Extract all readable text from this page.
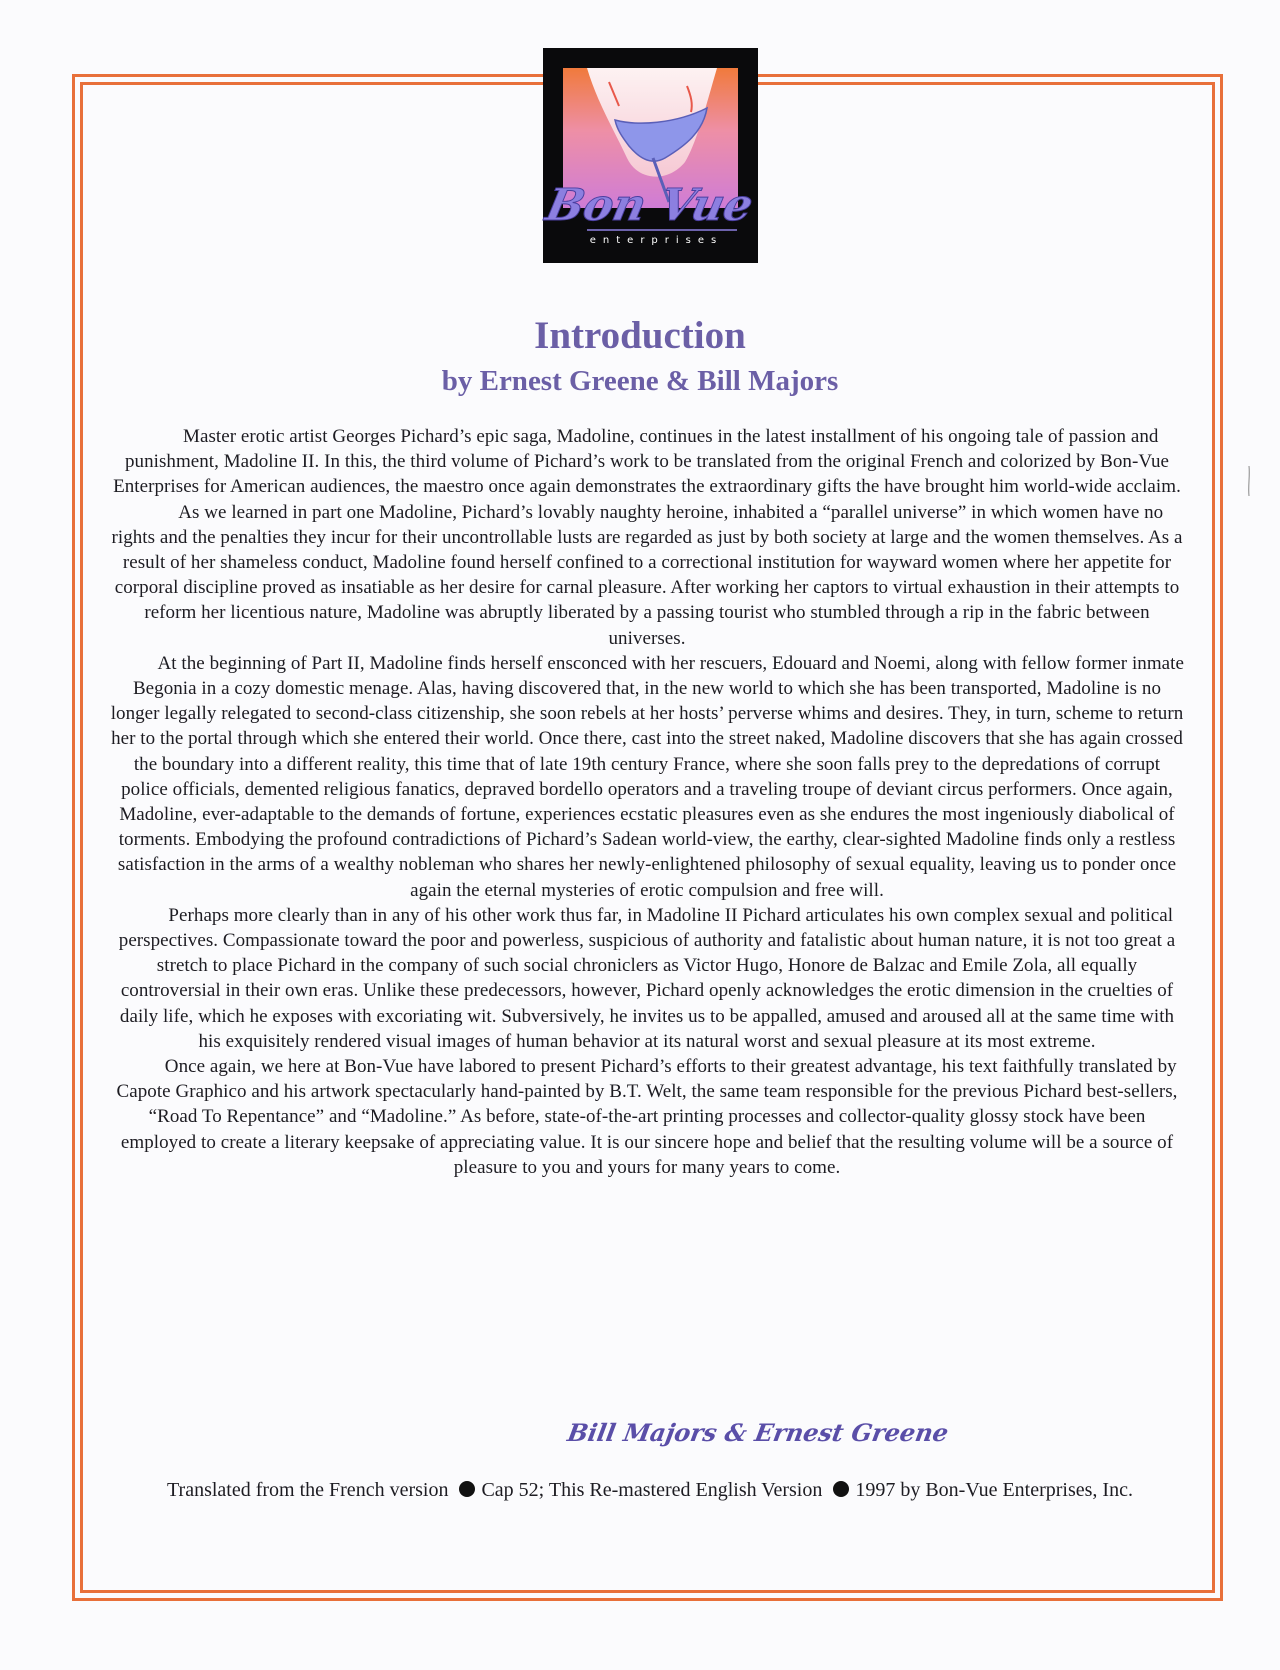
Bon Vue
enterprises
Introduction
by Ernest Greene & Bill Majors

Master erotic artist Georges Pichard’s epic saga, Madoline, continues in the latest installment of his ongoing tale of passion and punishment, Madoline II. In this, the third volume of Pichard’s work to be translated from the original French and colorized by Bon-Vue Enterprises for American audiences, the maestro once again demonstrates the extraordinary gifts the have brought him world-wide acclaim.

As we learned in part one Madoline, Pichard’s lovably naughty heroine, inhabited a “parallel universe” in which women have no rights and the penalties they incur for their uncontrollable lusts are regarded as just by both society at large and the women themselves. As a result of her shameless conduct, Madoline found herself confined to a correctional institution for wayward women where her appetite for corporal discipline proved as insatiable as her desire for carnal pleasure. After working her captors to virtual exhaustion in their attempts to reform her licentious nature, Madoline was abruptly liberated by a passing tourist who stumbled through a rip in the fabric between universes.

At the beginning of Part II, Madoline finds herself ensconced with her rescuers, Edouard and Noemi, along with fellow former inmate Begonia in a cozy domestic menage. Alas, having discovered that, in the new world to which she has been transported, Madoline is no longer legally relegated to second-class citizenship, she soon rebels at her hosts’ perverse whims and desires. They, in turn, scheme to return her to the portal through which she entered their world. Once there, cast into the street naked, Madoline discovers that she has again crossed the boundary into a different reality, this time that of late 19th century France, where she soon falls prey to the depredations of corrupt police officials, demented religious fanatics, depraved bordello operators and a traveling troupe of deviant circus performers. Once again, Madoline, ever-adaptable to the demands of fortune, experiences ecstatic pleasures even as she endures the most ingeniously diabolical of torments. Embodying the profound contradictions of Pichard’s Sadean world-view, the earthy, clear-sighted Madoline finds only a restless satisfaction in the arms of a wealthy nobleman who shares her newly-enlightened philosophy of sexual equality, leaving us to ponder once again the eternal mysteries of erotic compulsion and free will.

Perhaps more clearly than in any of his other work thus far, in Madoline II Pichard articulates his own complex sexual and political perspectives. Compassionate toward the poor and powerless, suspicious of authority and fatalistic about human nature, it is not too great a stretch to place Pichard in the company of such social chroniclers as Victor Hugo, Honore de Balzac and Emile Zola, all equally controversial in their own eras. Unlike these predecessors, however, Pichard openly acknowledges the erotic dimension in the cruelties of daily life, which he exposes with excoriating wit. Subversively, he invites us to be appalled, amused and aroused all at the same time with his exquisitely rendered visual images of human behavior at its natural worst and sexual pleasure at its most extreme.

Once again, we here at Bon-Vue have labored to present Pichard’s efforts to their greatest advantage, his text faithfully translated by Capote Graphico and his artwork spectacularly hand-painted by B.T. Welt, the same team responsible for the previous Pichard best-sellers, “Road To Repentance” and “Madoline.” As before, state-of-the-art printing processes and collector-quality glossy stock have been employed to create a literary keepsake of appreciating value. It is our sincere hope and belief that the resulting volume will be a source of pleasure to you and yours for many years to come.

Bill Majors & Ernest Greene
Translated from the French version Cap 52; This Re-mastered English Version 1997 by Bon-Vue Enterprises, Inc.
